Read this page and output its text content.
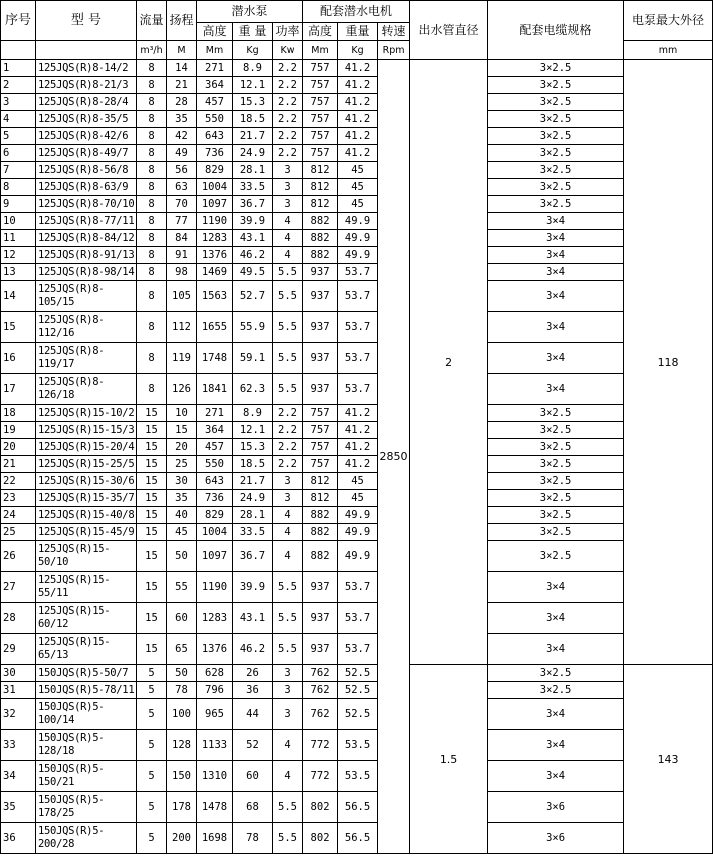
序号	型 号	流量	扬程	潜水泵			配套潜水电机			出水管直径	配套电缆规格	电泵最大外径
				高度	重 量	功率	高度	重量	转速			
		m³/h	M	Mm	Kg	Kw	Mm	Kg	Rpm			mm
1	125JQS(R)8-14/2	8	14	271	8.9	2.2	757	41.2	2850	2	3×2.5	118
2	125JQS(R)8-21/3	8	21	364	12.1	2.2	757	41.2			3×2.5	
3	125JQS(R)8-28/4	8	28	457	15.3	2.2	757	41.2			3×2.5	
4	125JQS(R)8-35/5	8	35	550	18.5	2.2	757	41.2			3×2.5	
5	125JQS(R)8-42/6	8	42	643	21.7	2.2	757	41.2			3×2.5	
6	125JQS(R)8-49/7	8	49	736	24.9	2.2	757	41.2			3×2.5	
7	125JQS(R)8-56/8	8	56	829	28.1	3	812	45			3×2.5	
8	125JQS(R)8-63/9	8	63	1004	33.5	3	812	45			3×2.5	
9	125JQS(R)8-70/10	8	70	1097	36.7	3	812	45			3×2.5	
10	125JQS(R)8-77/11	8	77	1190	39.9	4	882	49.9			3×4	
11	125JQS(R)8-84/12	8	84	1283	43.1	4	882	49.9			3×4	
12	125JQS(R)8-91/13	8	91	1376	46.2	4	882	49.9			3×4	
13	125JQS(R)8-98/14	8	98	1469	49.5	5.5	937	53.7			3×4	
14	125JQS(R)8-
105/15	8	105	1563	52.7	5.5	937	53.7			3×4	
15	125JQS(R)8-
112/16	8	112	1655	55.9	5.5	937	53.7			3×4	
16	125JQS(R)8-
119/17	8	119	1748	59.1	5.5	937	53.7			3×4	
17	125JQS(R)8-
126/18	8	126	1841	62.3	5.5	937	53.7			3×4	
18	125JQS(R)15-10/2	15	10	271	8.9	2.2	757	41.2			3×2.5	
19	125JQS(R)15-15/3	15	15	364	12.1	2.2	757	41.2			3×2.5	
20	125JQS(R)15-20/4	15	20	457	15.3	2.2	757	41.2			3×2.5	
21	125JQS(R)15-25/5	15	25	550	18.5	2.2	757	41.2			3×2.5	
22	125JQS(R)15-30/6	15	30	643	21.7	3	812	45			3×2.5	
23	125JQS(R)15-35/7	15	35	736	24.9	3	812	45			3×2.5	
24	125JQS(R)15-40/8	15	40	829	28.1	4	882	49.9			3×2.5	
25	125JQS(R)15-45/9	15	45	1004	33.5	4	882	49.9			3×2.5	
26	125JQS(R)15-
50/10	15	50	1097	36.7	4	882	49.9			3×2.5	
27	125JQS(R)15-
55/11	15	55	1190	39.9	5.5	937	53.7			3×4	
28	125JQS(R)15-
60/12	15	60	1283	43.1	5.5	937	53.7			3×4	
29	125JQS(R)15-
65/13	15	65	1376	46.2	5.5	937	53.7			3×4	
30	150JQS(R)5-50/7	5	50	628	26	3	762	52.5		1.5	3×2.5	143
31	150JQS(R)5-78/11	5	78	796	36	3	762	52.5			3×2.5	
32	150JQS(R)5-
100/14	5	100	965	44	3	762	52.5			3×4	
33	150JQS(R)5-
128/18	5	128	1133	52	4	772	53.5			3×4	
34	150JQS(R)5-
150/21	5	150	1310	60	4	772	53.5			3×4	
35	150JQS(R)5-
178/25	5	178	1478	68	5.5	802	56.5			3×6	
36	150JQS(R)5-
200/28	5	200	1698	78	5.5	802	56.5			3×6	
